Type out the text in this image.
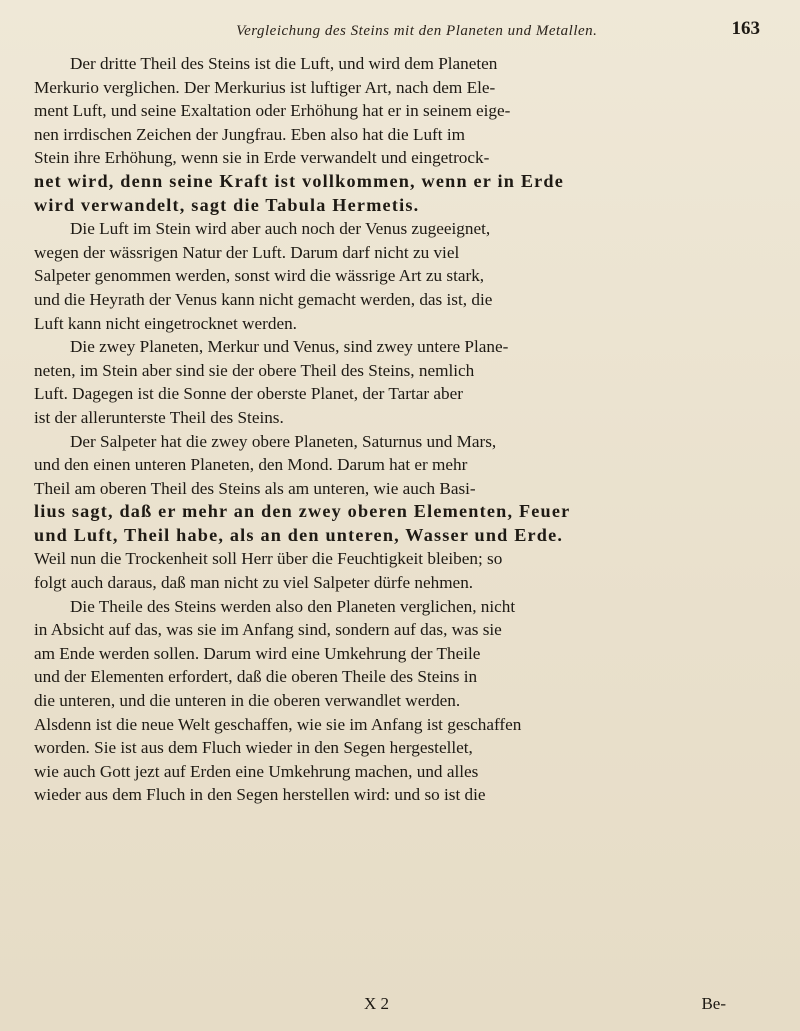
Vergleichung des Steins mit den Planeten und Metallen.	163
Der dritte Theil des Steins ist die Luft, und wird dem Planeten
Merkurio verglichen. Der Merkurius ist luftiger Art, nach dem Ele-
ment Luft, und seine Exaltation oder Erhöhung hat er in seinem eige-
nen irrdischen Zeichen der Jungfrau. Eben also hat die Luft im
Stein ihre Erhöhung, wenn sie in Erde verwandelt und eingetrock-
net wird, denn seine Kraft ist vollkommen, wenn er in Erde
wird verwandelt, sagt die Tabula Hermetis.
Die Luft im Stein wird aber auch noch der Venus zugeeignet,
wegen der wässrigen Natur der Luft. Darum darf nicht zu viel
Salpeter genommen werden, sonst wird die wässrige Art zu stark,
und die Heyrath der Venus kann nicht gemacht werden, das ist, die
Luft kann nicht eingetrocknet werden.
Die zwey Planeten, Merkur und Venus, sind zwey untere Plane-
neten, im Stein aber sind sie der obere Theil des Steins, nemlich
Luft. Dagegen ist die Sonne der oberste Planet, der Tartar aber
ist der allerunterste Theil des Steins.
Der Salpeter hat die zwey obere Planeten, Saturnus und Mars,
und den einen unteren Planeten, den Mond. Darum hat er mehr
Theil am oberen Theil des Steins als am unteren, wie auch Basi-
lius sagt, daß er mehr an den zwey oberen Elementen, Feuer
und Luft, Theil habe, als an den unteren, Wasser und Erde.
Weil nun die Trockenheit soll Herr über die Feuchtigkeit bleiben; so
folgt auch daraus, daß man nicht zu viel Salpeter dürfe nehmen.
Die Theile des Steins werden also den Planeten verglichen, nicht
in Absicht auf das, was sie im Anfang sind, sondern auf das, was sie
am Ende werden sollen. Darum wird eine Umkehrung der Theile
und der Elementen erfordert, daß die oberen Theile des Steins in
die unteren, und die unteren in die oberen verwandlet werden.
Alsdenn ist die neue Welt geschaffen, wie sie im Anfang ist geschaffen
worden. Sie ist aus dem Fluch wieder in den Segen hergestellet,
wie auch Gott jezt auf Erden eine Umkehrung machen, und alles
wieder aus dem Fluch in den Segen herstellen wird: und so ist die
X 2	Be-
